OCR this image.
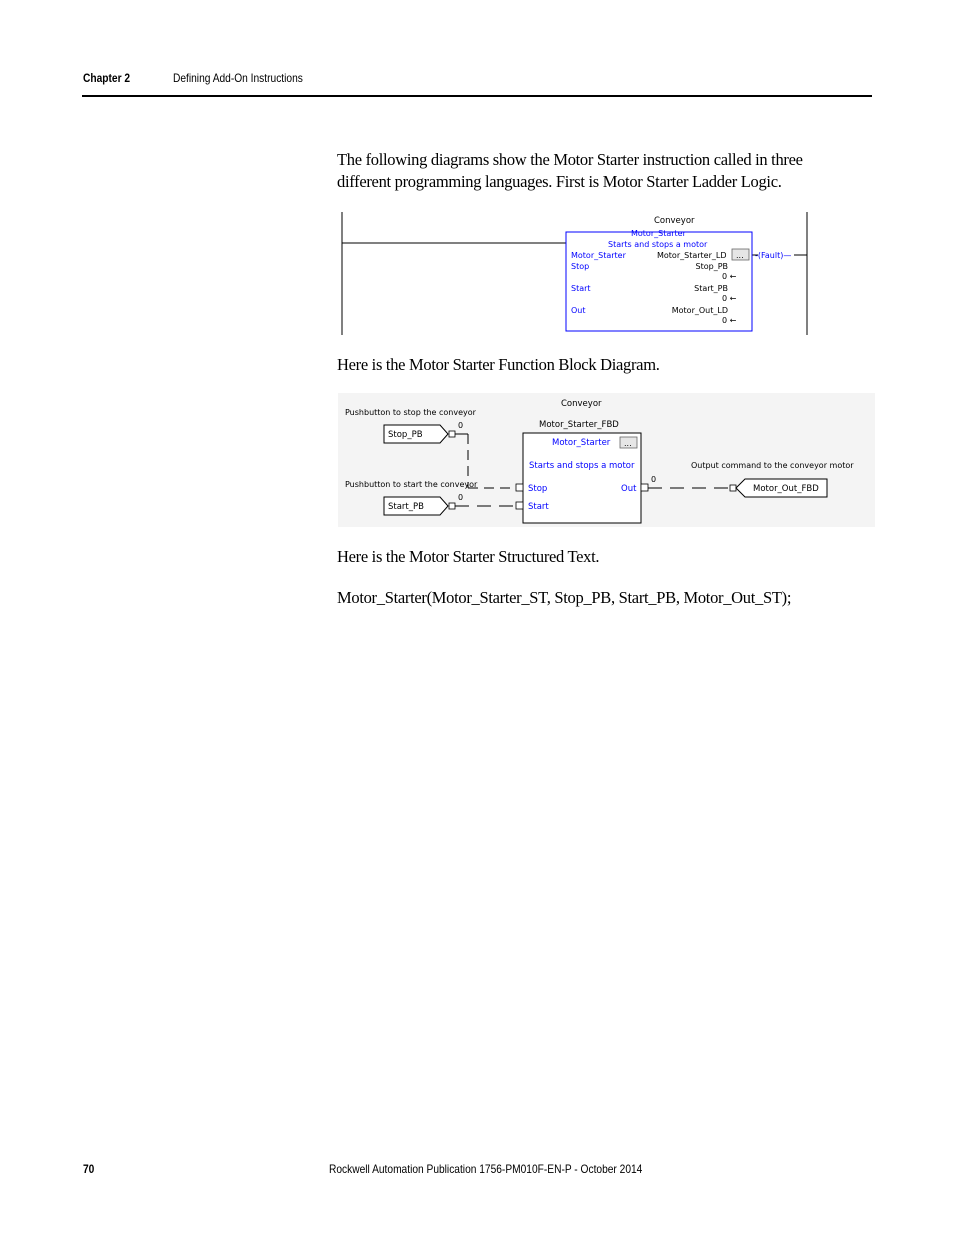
Chapter 2	Defining Add-On Instructions
The following diagrams show the Motor Starter instruction called in three
different programming languages. First is Motor Starter Ladder Logic.
Conveyor
Motor_Starter
Starts and stops a motor
Motor_Starter	Motor_Starter_LD ... -(Fault)—
Stop	Stop_PB
0 ←
Start	Start_PB
0 ←
Out	Motor_Out_LD
0 ←
Here is the Motor Starter Function Block Diagram.
Conveyor
Motor_Starter_FBD
Motor_Starter ...
Starts and stops a motor
Stop
Start
Out
Pushbutton to stop the conveyor
0
Stop_PB
Pushbutton to start the conveyor
0
Start_PB
0
Output command to the conveyor motor
Motor_Out_FBD
Here is the Motor Starter Structured Text.
Motor_Starter(Motor_Starter_ST, Stop_PB, Start_PB, Motor_Out_ST);
70	Rockwell Automation Publication 1756-PM010F-EN-P - October 2014
